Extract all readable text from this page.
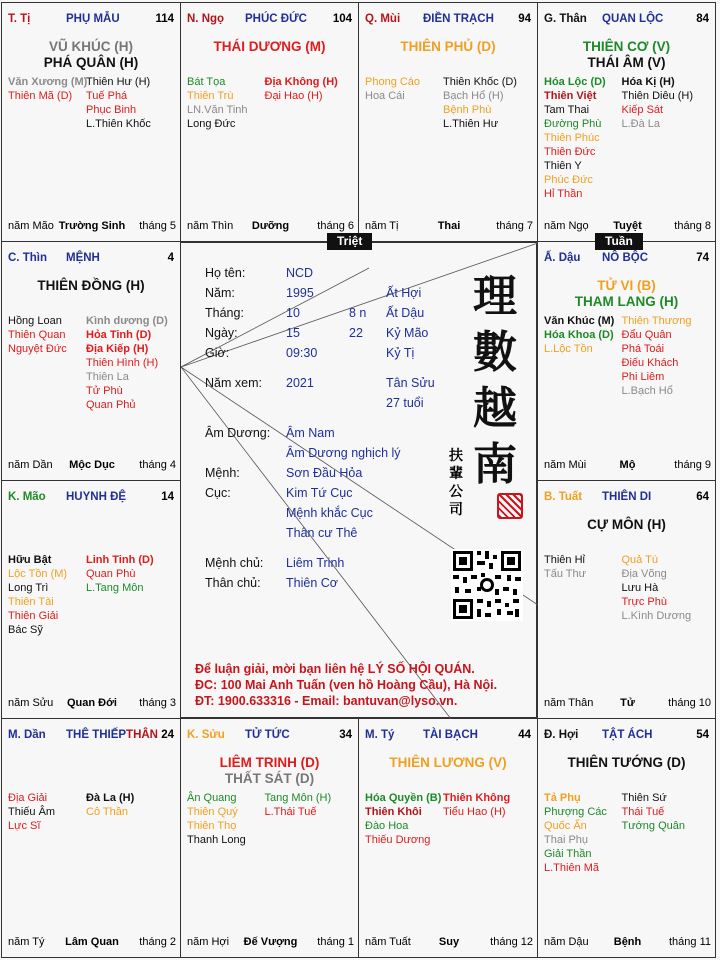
T. Tị	PHỤ MẪU	114
VŨ KHÚC (H)
PHÁ QUÂN (H)
Văn Xương (M)
Thiên Mã (D)
Thiên Hư (H)
Tuế Phá
Phục Binh
L.Thiên Khốc
năm Mão Trường Sinh	tháng 5
N. Ngọ PHÚC ĐỨC 104
THÁI DƯƠNG (M)
Bát Tọa
Thiên Trù
LN.Văn Tinh
Long Đức
Địa Không (H)
Đại Hao (H)
năm Thìn	Dưỡng	tháng 6
Q. Mùi ĐIỀN TRẠCH 94
THIÊN PHỦ (D)
Phong Cáo
Hoa Cái
Thiên Khốc (D)
Bạch Hổ (H)
Bệnh Phù
L.Thiên Hư
năm Tị	Thai	tháng 7
G. Thân QUAN LỘC	84
THIÊN CƠ (V)
THÁI ÂM (V)
Hóa Lộc (D)
Thiên Việt
Tam Thai
Đường Phù
Thiên Phúc
Thiên Đức
Thiên Y
Phúc Đức
Hỉ Thần
Hóa Kị (H)
Thiên Diêu (H)
Kiếp Sát
L.Đà La
năm Ngọ	Tuyệt	tháng 8
C. Thìn MỆNH	4
THIÊN ĐỒNG (H)
Hồng Loan
Thiên Quan
Nguyệt Đức
Kình dương (D)
Hỏa Tinh (D)
Địa Kiếp (H)
Thiên Hình (H)
Thiên La
Tử Phù
Quan Phủ
năm Dần	Mộc Dục	tháng 4
Ấ. Dậu NÔ BỘC	74
TỬ VI (B)
THAM LANG (H)
Văn Khúc (M)
Hóa Khoa (D)
L.Lộc Tồn
Thiên Thương
Đẩu Quân
Phá Toái
Điếu Khách
Phi Liêm
L.Bạch Hổ
năm Mùi	Mộ	tháng 9
K. Mão HUYNH ĐỆ	14
Hữu Bật
Lộc Tồn (M)
Long Trì
Thiên Tài
Thiên Giải
Bác Sỹ
Linh Tinh (D)
Quan Phù
L.Tang Môn
năm Sửu	Quan Đới	tháng 3
B. Tuất THIÊN DI	64
CỰ MÔN (H)
Thiên Hỉ
Tấu Thư
Quả Tú
Địa Võng
Lưu Hà
Trực Phù
L.Kình Dương
năm Thân	Tử	tháng 10
M. Dần THÊ THIẾP THÂN 24
Địa Giải
Thiếu Âm
Lực Sĩ
Đà La (H)
Cô Thần
năm Tý	Lâm Quan	tháng 2
K. Sửu TỬ TỨC	34
LIÊM TRINH (D)
THẤT SÁT (D)
Ân Quang
Thiên Quý
Thiên Thọ
Thanh Long
Tang Môn (H)
L.Thái Tuế
năm Hợi	Đế Vượng	tháng 1
M. Tý TÀI BẠCH	44
THIÊN LƯƠNG (V)
Hóa Quyền (B)
Thiên Khôi
Đào Hoa
Thiếu Dương
Thiên Không
Tiểu Hao (H)
năm Tuất	Suy	tháng 12
Đ. Hợi TẬT ÁCH	54
THIÊN TƯỚNG (D)
Tả Phụ
Phượng Các
Quốc Ấn
Thai Phụ
Giải Thần
L.Thiên Mã
Thiên Sứ
Thái Tuế
Tướng Quân
năm Dậu	Bệnh	tháng 11
Họ tên:	NCD
Năm:	1995	Ất Hợi
Tháng:	10	8 n Ất Dậu
Ngày:	15	22 Kỷ Mão
Giờ:	09:30	Kỷ Tị
Năm xem: 2021	Tân Sửu
27 tuổi
Âm Dương: Âm Nam
Âm Dương nghịch lý
Mệnh:	Sơn Đầu Hỏa
Cục:	Kim Tứ Cục
Mệnh khắc Cục
Thân cư Thê
Mệnh chủ: Liêm Trinh
Thân chủ: Thiên Cơ
理
數
越
南
扶
輩
公
司
Để luận giải, mời bạn liên hệ LÝ SỐ HỘI QUÁN.
ĐC: 100 Mai Anh Tuấn (ven hồ Hoàng Cầu), Hà Nội.
ĐT: 1900.633316 - Email: bantuvan@lyso.vn.
Triệt	Tuần
